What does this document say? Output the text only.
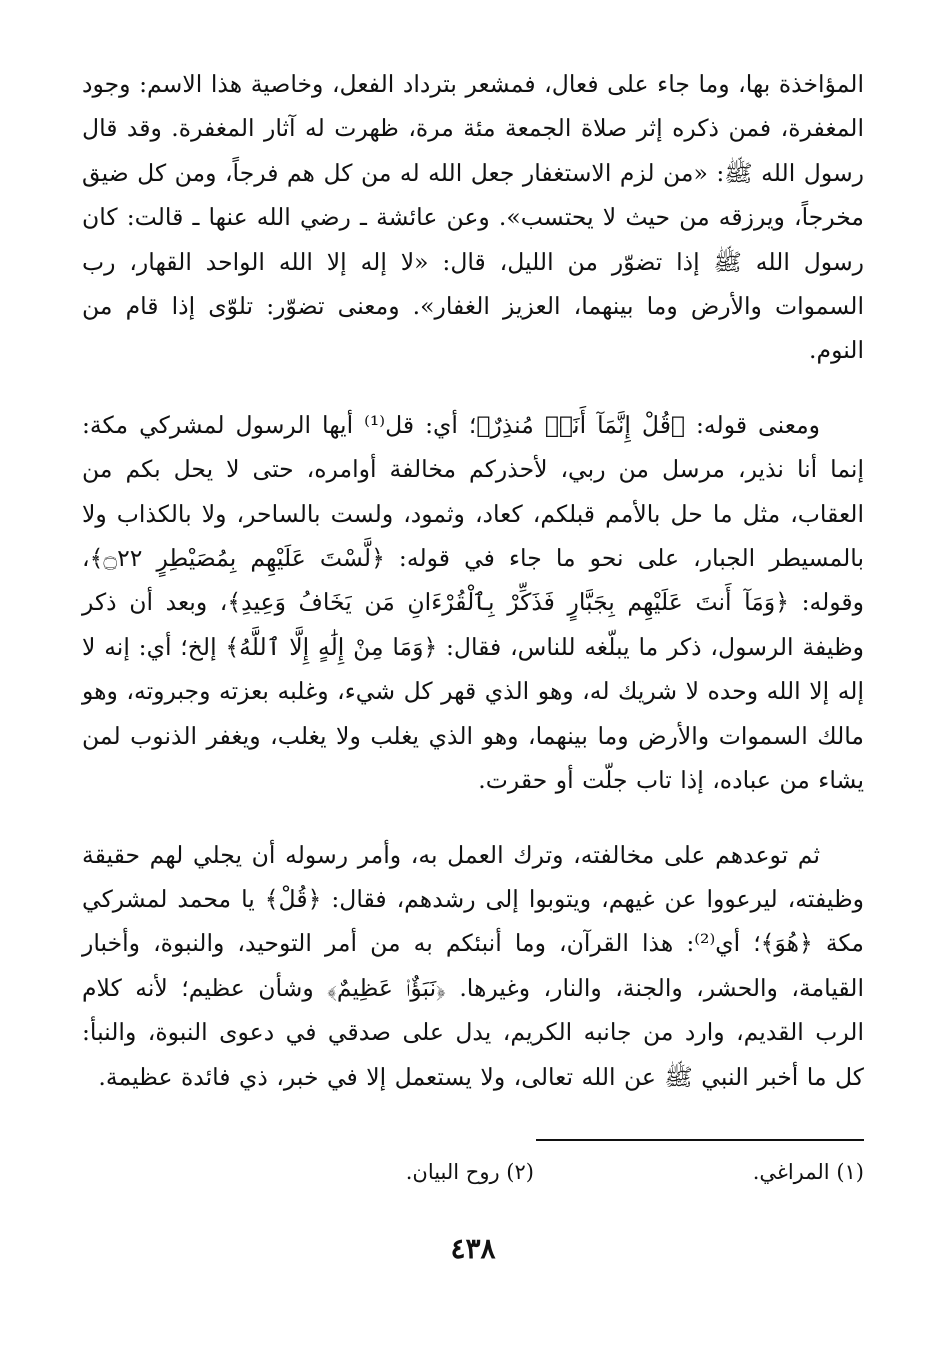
المؤاخذة بها، وما جاء على فعال، فمشعر بترداد الفعل، وخاصية هذا الاسم: وجود المغفرة، فمن ذكره إثر صلاة الجمعة مئة مرة، ظهرت له آثار المغفرة. وقد قال رسول الله ﷺ: «من لزم الاستغفار جعل الله له من كل هم فرجاً، ومن كل ضيق مخرجاً، ويرزقه من حيث لا يحتسب». وعن عائشة ـ رضي الله عنها ـ قالت: كان رسول الله ﷺ إذا تضوّر من الليل، قال: «لا إله إلا الله الواحد القهار، رب السموات والأرض وما بينهما، العزيز الغفار». ومعنى تضوّر: تلوّى إذا قام من النوم.

ومعنى قوله: ﴿قُلْ إِنَّمَآ أَنَا۠ مُنذِرٌ﴾؛ أي: قل⁽¹⁾ أيها الرسول لمشركي مكة: إنما أنا نذير، مرسل من ربي، لأحذركم مخالفة أوامره، حتى لا يحل بكم من العقاب، مثل ما حل بالأمم قبلكم، كعاد، وثمود، ولست بالساحر، ولا بالكذاب ولا بالمسيطر الجبار، على نحو ما جاء في قوله: ﴿لَّسْتَ عَلَيْهِم بِمُصَيْطِرٍ ۝٢٢﴾، وقوله: ﴿وَمَآ أَنتَ عَلَيْهِم بِجَبَّارٍ فَذَكِّرْ بِٱلْقُرْءَانِ مَن يَخَافُ وَعِيدِ﴾، وبعد أن ذكر وظيفة الرسول، ذكر ما يبلّغه للناس، فقال: ﴿وَمَا مِنْ إِلَٰهٍ إِلَّا ٱللَّهُ﴾ إلخ؛ أي: إنه لا إله إلا الله وحده لا شريك له، وهو الذي قهر كل شيء، وغلبه بعزته وجبروته، وهو مالك السموات والأرض وما بينهما، وهو الذي يغلب ولا يغلب، ويغفر الذنوب لمن يشاء من عباده، إذا تاب جلّت أو حقرت.

ثم توعدهم على مخالفته، وترك العمل به، وأمر رسوله أن يجلي لهم حقيقة وظيفته، ليرعووا عن غيهم، ويتوبوا إلى رشدهم، فقال: ﴿قُلْ﴾ يا محمد لمشركي مكة ﴿هُوَ﴾؛ أي⁽²⁾: هذا القرآن، وما أنبئكم به من أمر التوحيد، والنبوة، وأخبار القيامة، والحشر، والجنة، والنار، وغيرها. ﴿نَبَؤٌا۟ عَظِيمٌ﴾ وشأن عظيم؛ لأنه كلام الرب القديم، وارد من جانبه الكريم، يدل على صدقي في دعوى النبوة، والنبأ: كل ما أخبر النبي ﷺ عن الله تعالى، ولا يستعمل إلا في خبر، ذي فائدة عظيمة.

(١) المراغي.
(٢) روح البيان.
٤٣٨
